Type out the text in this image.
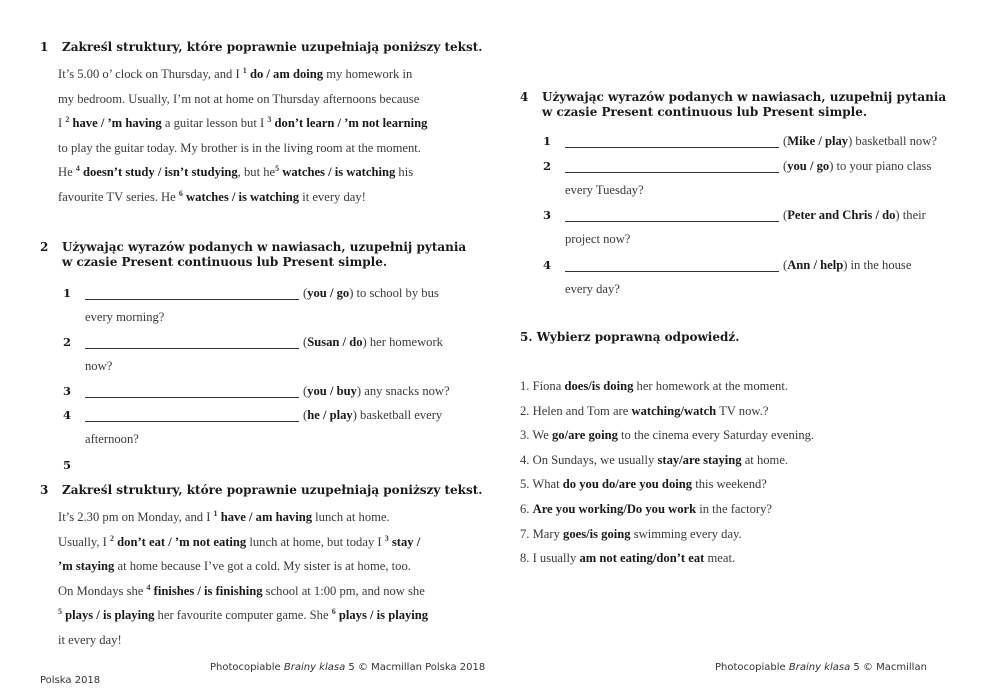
1 Zakreśl struktury, które poprawnie uzupełniają poniższy tekst.
It’s 5.00 o’ clock on Thursday, and I $^1$ do / am doing my homework in
my bedroom. Usually, I’m not at home on Thursday afternoons because
I $^2$ have / ’m having a guitar lesson but I $^3$ don’t learn / ’m not learning
to play the guitar today. My brother is in the living room at the moment.
He $^4$ doesn’t study / isn’t studying, but $he^5$ watches / is watching his
favourite TV series. He $^6$ watches / is watching it every day!
2 Używając wyrazów podanych w nawiasach, uzupełnij pytania
w czasie Present continuous lub Present simple.
1	(you / go) to school by bus
every morning?
2	(Susan / do) her homework
now?
3	(you / buy) any snacks now?
4	(he / play) basketball every
afternoon?
5
3 Zakreśl struktury, które poprawnie uzupełniają poniższy tekst.
It’s 2.30 pm on Monday, and I $^1$ have / am having lunch at home.
Usually, I $^2$ don’t eat / ’m not eating lunch at home, but today I $^3$ stay /
’m staying at home because I’ve got a cold. My sister is at home, too.
On Mondays she $^4$ finishes / is finishing school at 1:00 pm, and now she
$^5$ plays / is playing her favourite computer game. She $^6$ plays / is playing
it every day!
4 Używając wyrazów podanych w nawiasach, uzupełnij pytania
w czasie Present continuous lub Present simple.
1	(Mike / play) basketball now?
2	(you / go) to your piano class
every Tuesday?
3	(Peter and Chris / do) their
project now?
4	(Ann / help) in the house
every day?
5. Wybierz poprawną odpowiedź.
1. Fiona does/is doing her homework at the moment.
2. Helen and Tom are watching/watch TV now.?
3. We go/are going to the cinema every Saturday evening.
4. On Sundays, we usually stay/are staying at home.
5. What do you do/are you doing this weekend?
6. Are you working/Do you work in the factory?
7. Mary goes/is going swimming every day.
8. I usually am not eating/don’t eat meat.
Photocopiable Brainy klasa 5 © Macmillan Polska 2018	Photocopiable Brainy klasa 5 © Macmillan
Polska 2018
